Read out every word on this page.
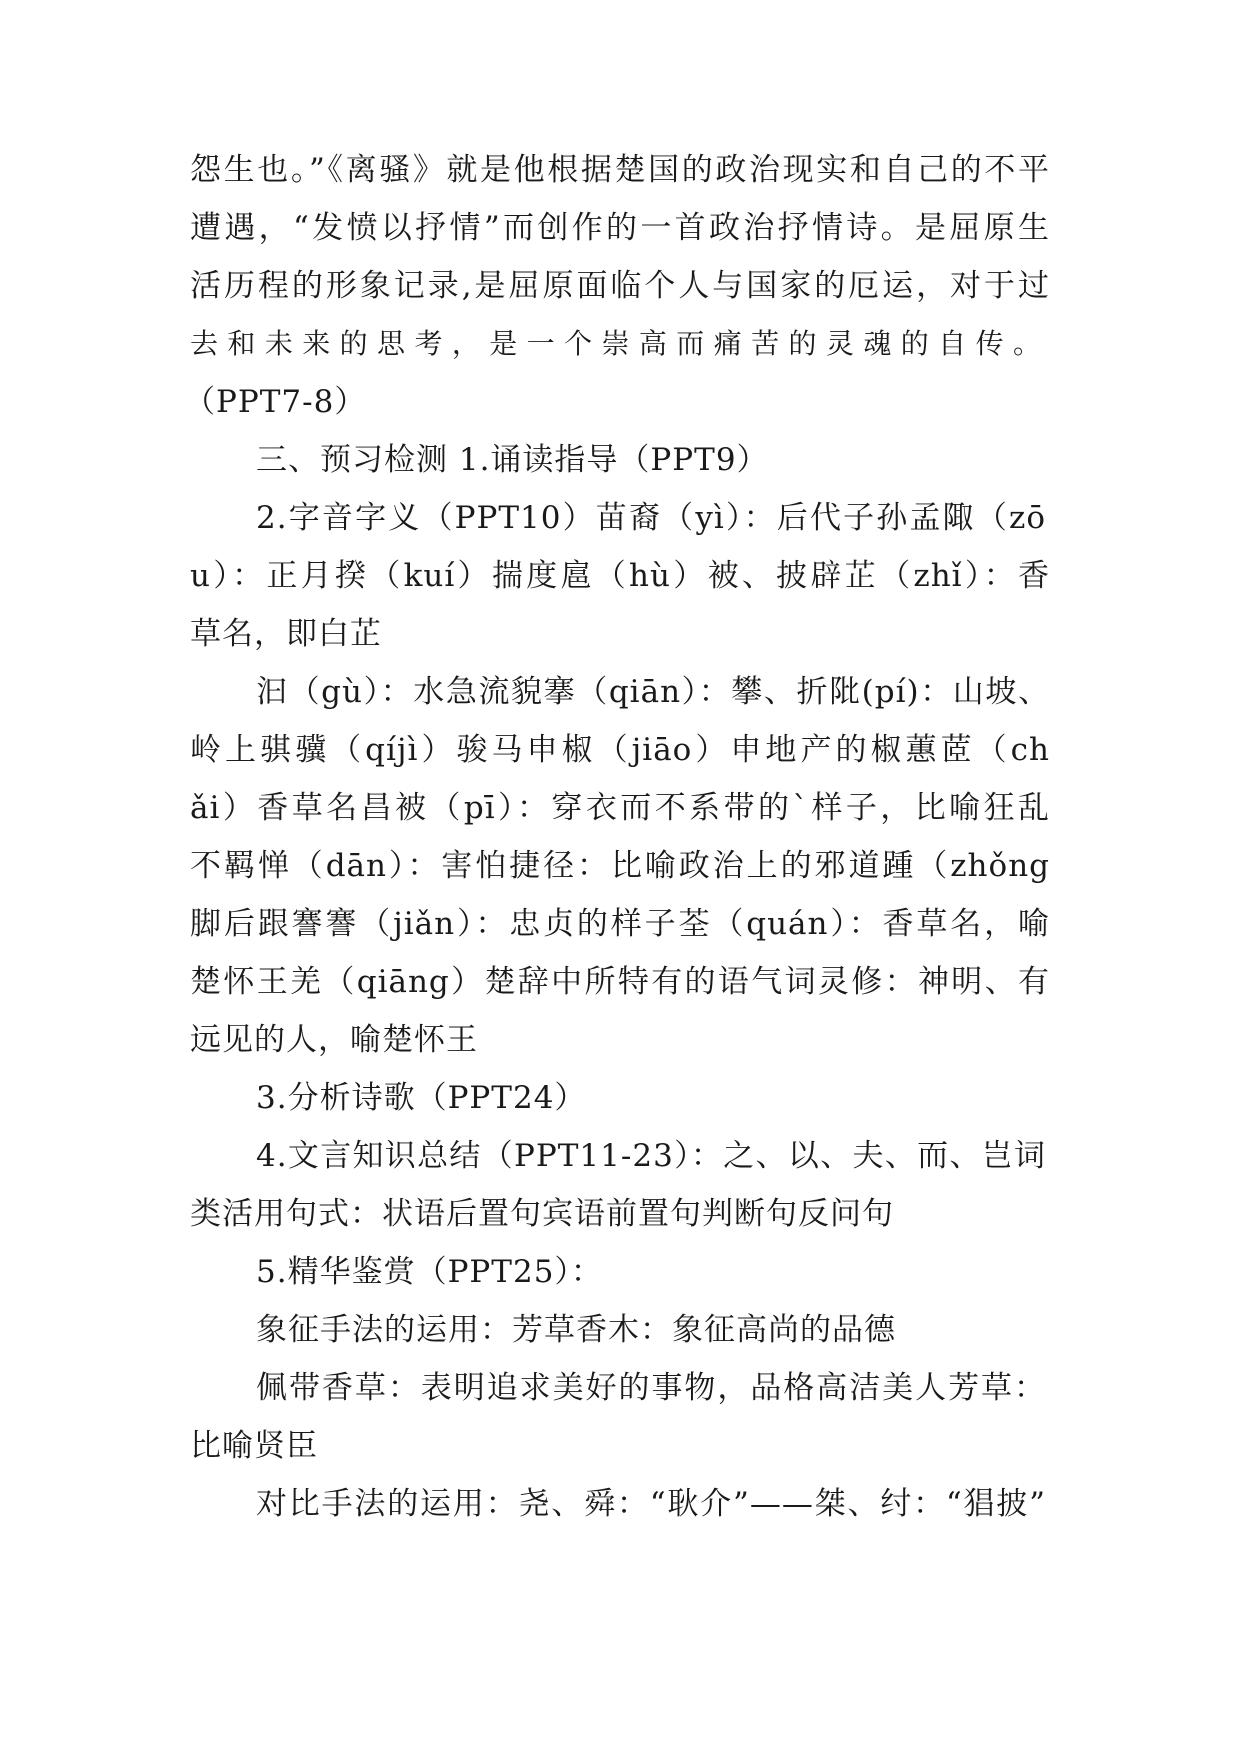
怨生也。”《离骚》就是他根据楚国的政治现实和自己的不平
遭遇，“发愤以抒情”而创作的一首政治抒情诗。是屈原生
活历程的形象记录,是屈原面临个人与国家的厄运，对于过
去和未来的思考，是一个崇高而痛苦的灵魂的自传。
（PPT7-8）
三、预习检测 1.诵读指导（PPT9）
2.字音字义（PPT10）苗裔（yì）：后代子孙孟陬（zō
u）：正月揆（kuí）揣度扈（hù）被、披辟芷（zhǐ）：香
草名，即白芷
汩（gù）：水急流貌搴（qiān）：攀、折阰(pí)：山坡、
岭上骐骥（qíjì）骏马申椒（jiāo）申地产的椒蕙茝（ch
ǎi）香草名昌被（pī）：穿衣而不系带的`样子，比喻狂乱
不羁惮（dān）：害怕捷径：比喻政治上的邪道踵（zhǒng
脚后跟謇謇（jiǎn）：忠贞的样子荃（quán）：香草名，喻
楚怀王羌（qiāng）楚辞中所特有的语气词灵修：神明、有
远见的人，喻楚怀王
3.分析诗歌（PPT24）
4.文言知识总结（PPT11-23）：之、以、夫、而、岂词
类活用句式：状语后置句宾语前置句判断句反问句
5.精华鉴赏（PPT25）：
象征手法的运用：芳草香木：象征高尚的品德
佩带香草：表明追求美好的事物，品格高洁美人芳草：
比喻贤臣
对比手法的运用：尧、舜：“耿介”——桀、纣：“猖披”
